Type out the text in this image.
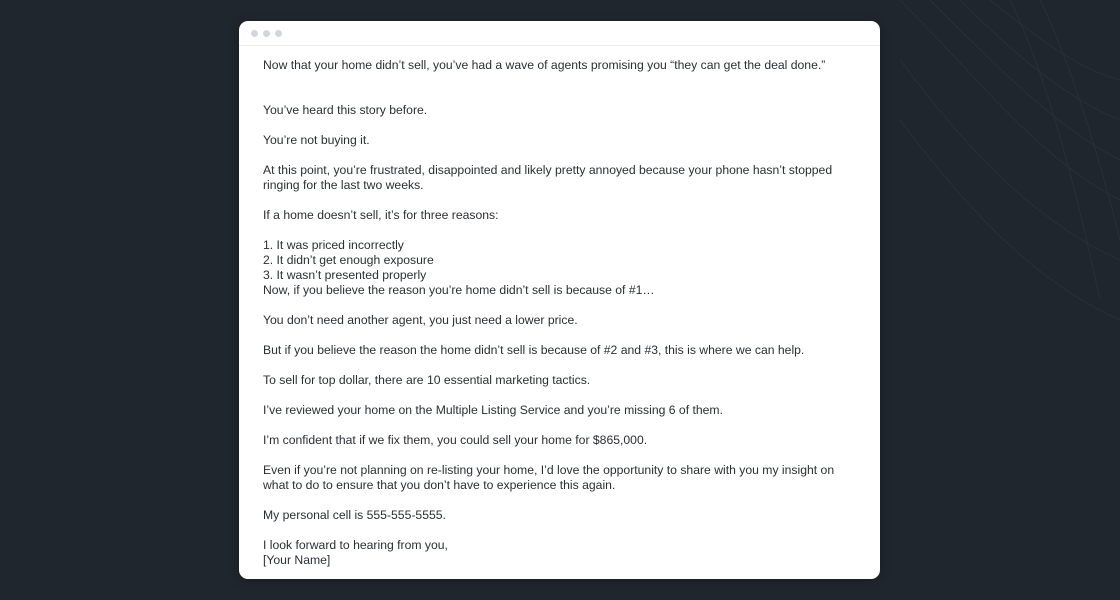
Now that your home didn’t sell, you’ve had a wave of agents promising you “they can get the deal done.”

You’ve heard this story before.

You’re not buying it.

At this point, you’re frustrated, disappointed and likely pretty annoyed because your phone hasn’t stopped ringing for the last two weeks.

If a home doesn’t sell, it’s for three reasons:

1. It was priced incorrectly
2. It didn’t get enough exposure
3. It wasn’t presented properly
Now, if you believe the reason you’re home didn’t sell is because of #1…

You don’t need another agent, you just need a lower price.

But if you believe the reason the home didn’t sell is because of #2 and #3, this is where we can help.

To sell for top dollar, there are 10 essential marketing tactics.

I’ve reviewed your home on the Multiple Listing Service and you’re missing 6 of them.

I’m confident that if we fix them, you could sell your home for $865,000.

Even if you’re not planning on re-listing your home, I’d love the opportunity to share with you my insight on what to do to ensure that you don’t have to experience this again.

My personal cell is 555-555-5555.

I look forward to hearing from you,
[Your Name]
